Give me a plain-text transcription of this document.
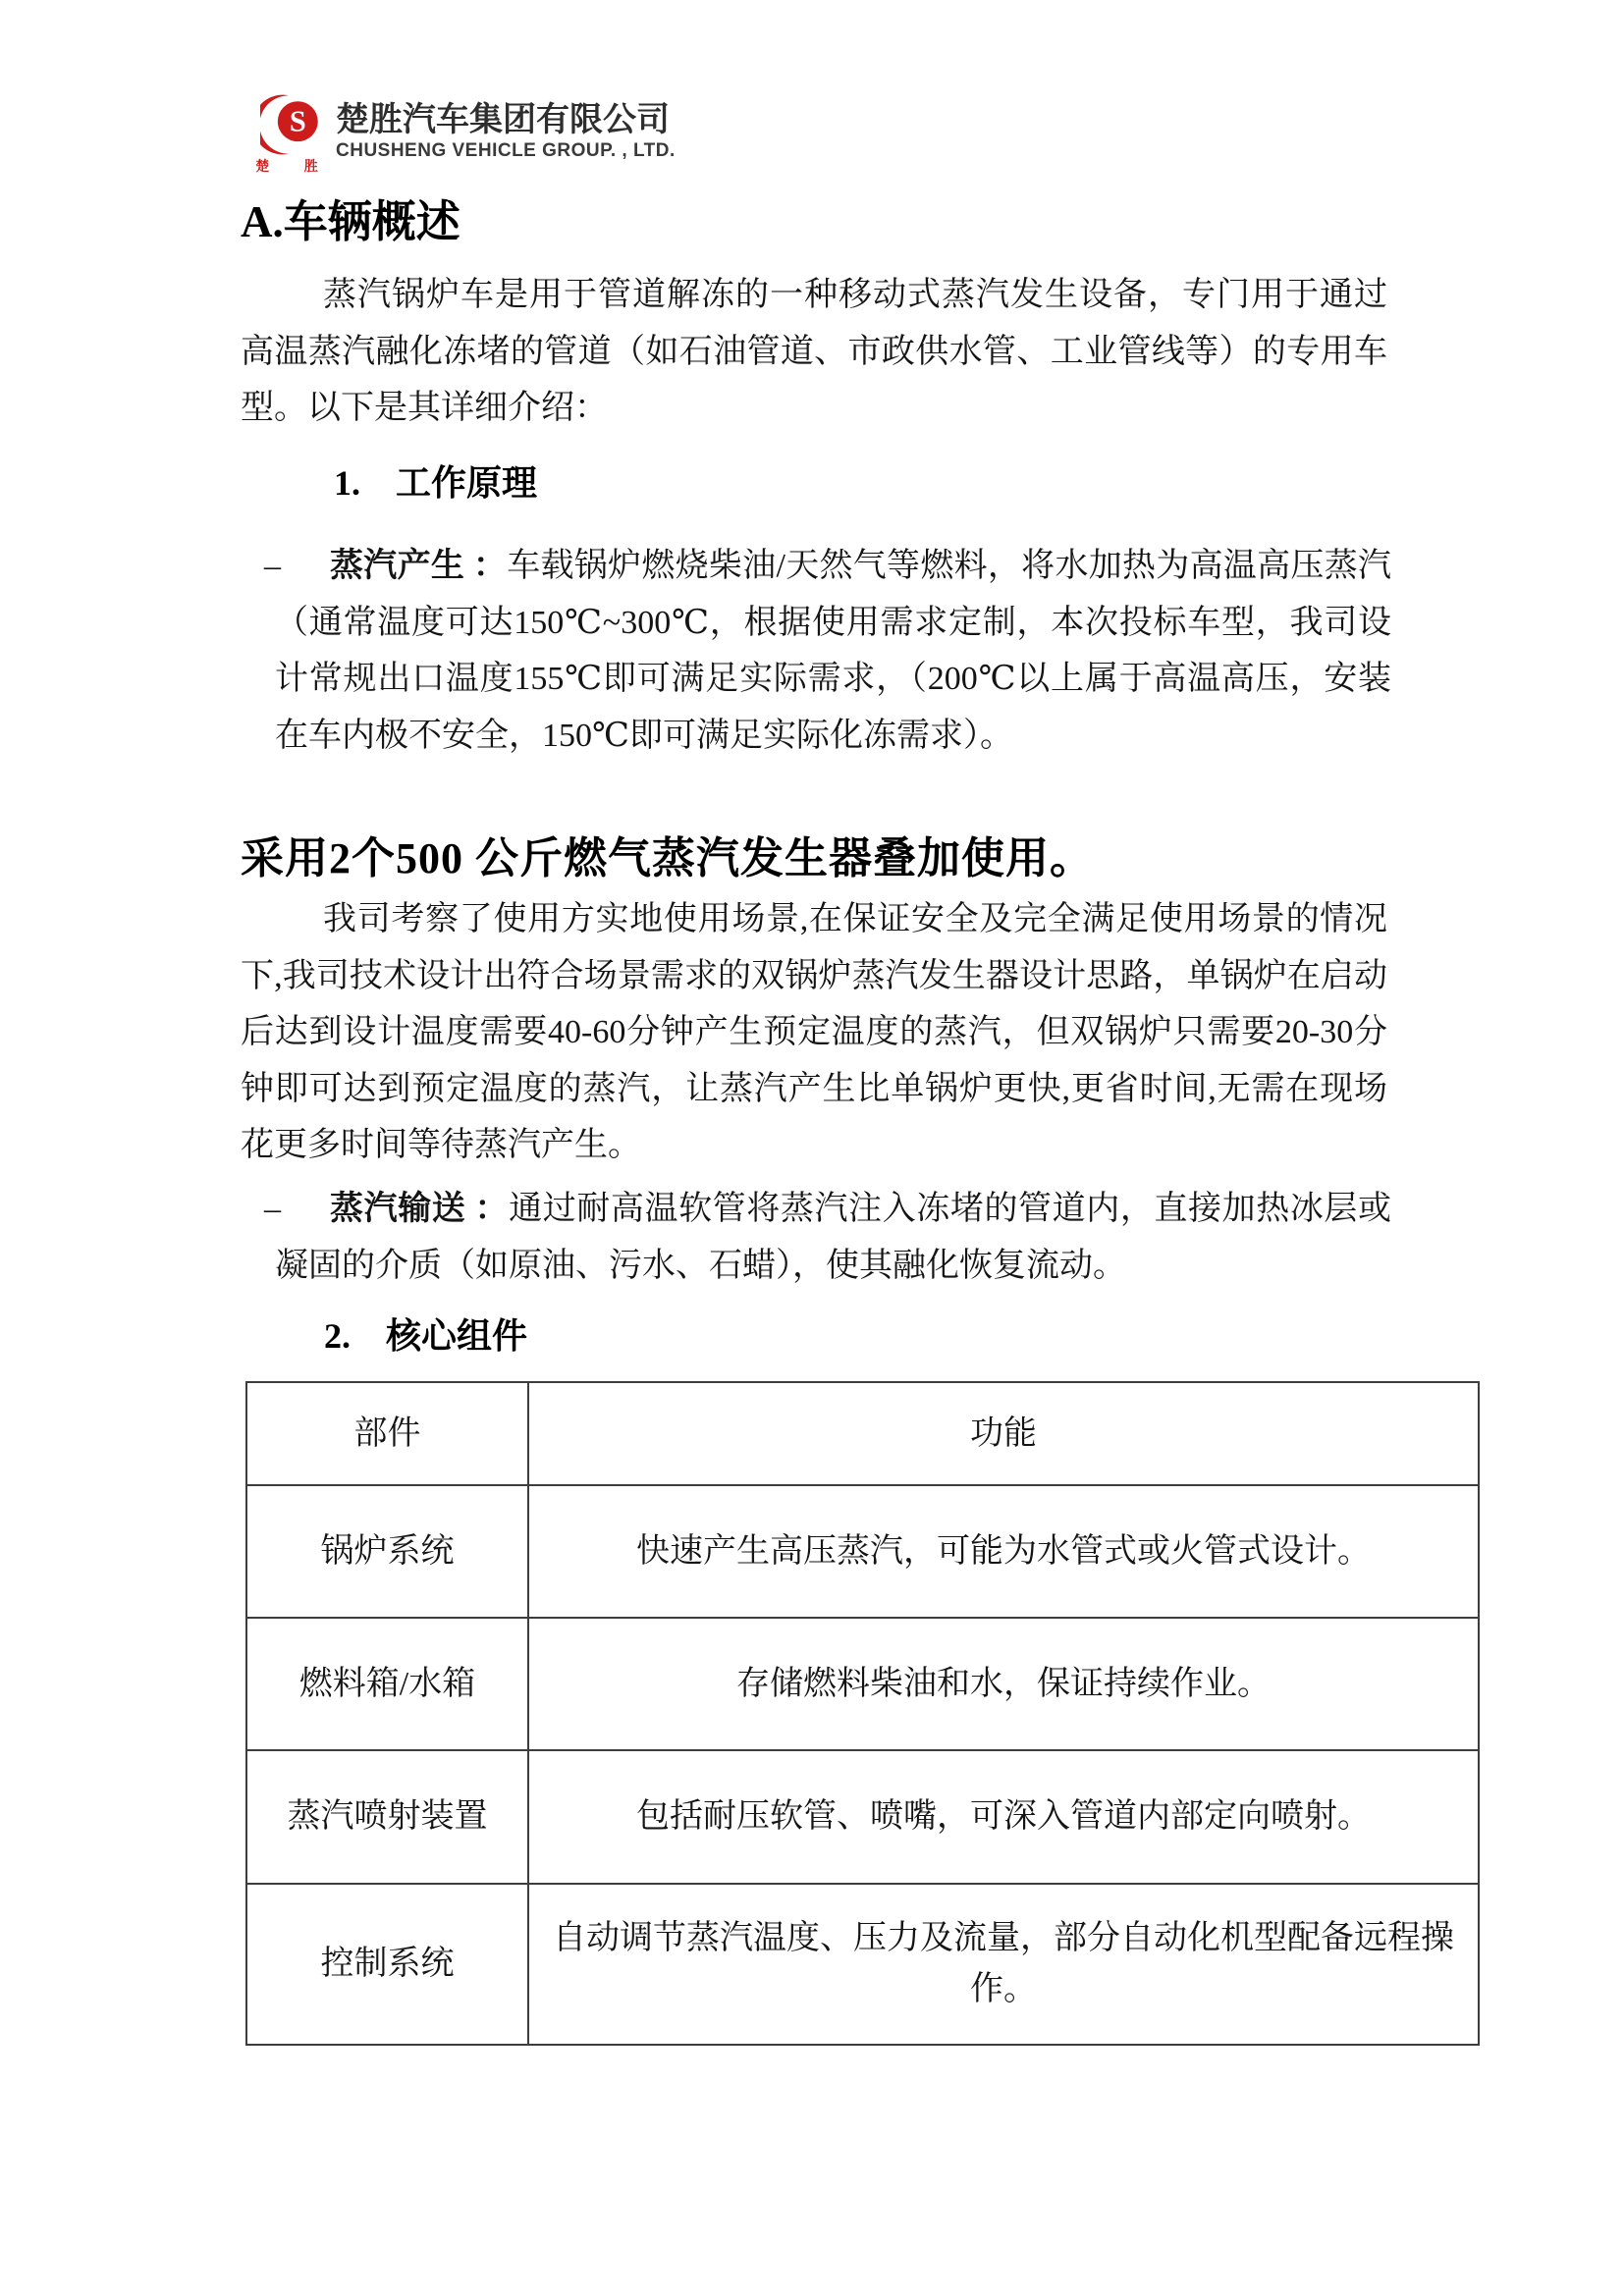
S
楚 胜
楚胜汽车集团有限公司
CHUSHENG VEHICLE GROUP. , LTD.
A.车辆概述
蒸汽锅炉车是用于管道解冻的一种移动式蒸汽发生设备，专门用于通过高温蒸汽融化冻堵的管道（如石油管道、市政供水管、工业管线等）的专用车型。以下是其详细介绍：
1.　工作原理
– 蒸汽产生 ：车载锅炉燃烧柴油/天然气等燃料，将水加热为高温高压蒸汽（通常温度可达150℃~300℃，根据使用需求定制，本次投标车型，我司设计常规出口温度155℃即可满足实际需求，（200℃以上属于高温高压，安装在车内极不安全，150℃即可满足实际化冻需求）。
采用2个500 公斤燃气蒸汽发生器叠加使用。
我司考察了使用方实地使用场景,在保证安全及完全满足使用场景的情况下,我司技术设计出符合场景需求的双锅炉蒸汽发生器设计思路，单锅炉在启动后达到设计温度需要40-60分钟产生预定温度的蒸汽，但双锅炉只需要20-30分钟即可达到预定温度的蒸汽，让蒸汽产生比单锅炉更快,更省时间,无需在现场花更多时间等待蒸汽产生。
– 蒸汽输送 ：通过耐高温软管将蒸汽注入冻堵的管道内，直接加热冰层或凝固的介质（如原油、污水、石蜡），使其融化恢复流动。
2.　核心组件
部件	功能
锅炉系统	快速产生高压蒸汽，可能为水管式或火管式设计。
燃料箱/水箱	存储燃料柴油和水，保证持续作业。
蒸汽喷射装置	包括耐压软管、喷嘴，可深入管道内部定向喷射。
控制系统	自动调节蒸汽温度、压力及流量，部分自动化机型配备远程操作。
